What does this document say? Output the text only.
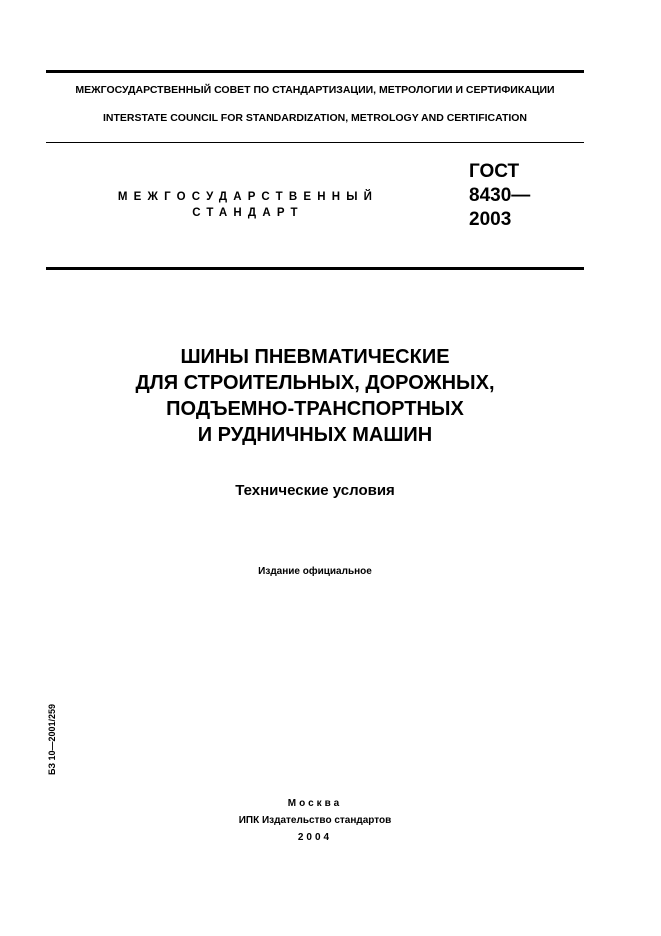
МЕЖГОСУДАРСТВЕННЫЙ СОВЕТ ПО СТАНДАРТИЗАЦИИ, МЕТРОЛОГИИ И СЕРТИФИКАЦИИ
INTERSTATE COUNCIL FOR STANDARDIZATION, METROLOGY AND CERTIFICATION
МЕЖГОСУДАРСТВЕННЫЙ
СТАНДАРТ
ГОСТ
8430—
2003
ШИНЫ ПНЕВМАТИЧЕСКИЕ
ДЛЯ СТРОИТЕЛЬНЫХ, ДОРОЖНЫХ,
ПОДЪЕМНО-ТРАНСПОРТНЫХ
И РУДНИЧНЫХ МАШИН
Технические условия
Издание официальное
БЗ 10—2001/259
Москва
ИПК Издательство стандартов
2004
